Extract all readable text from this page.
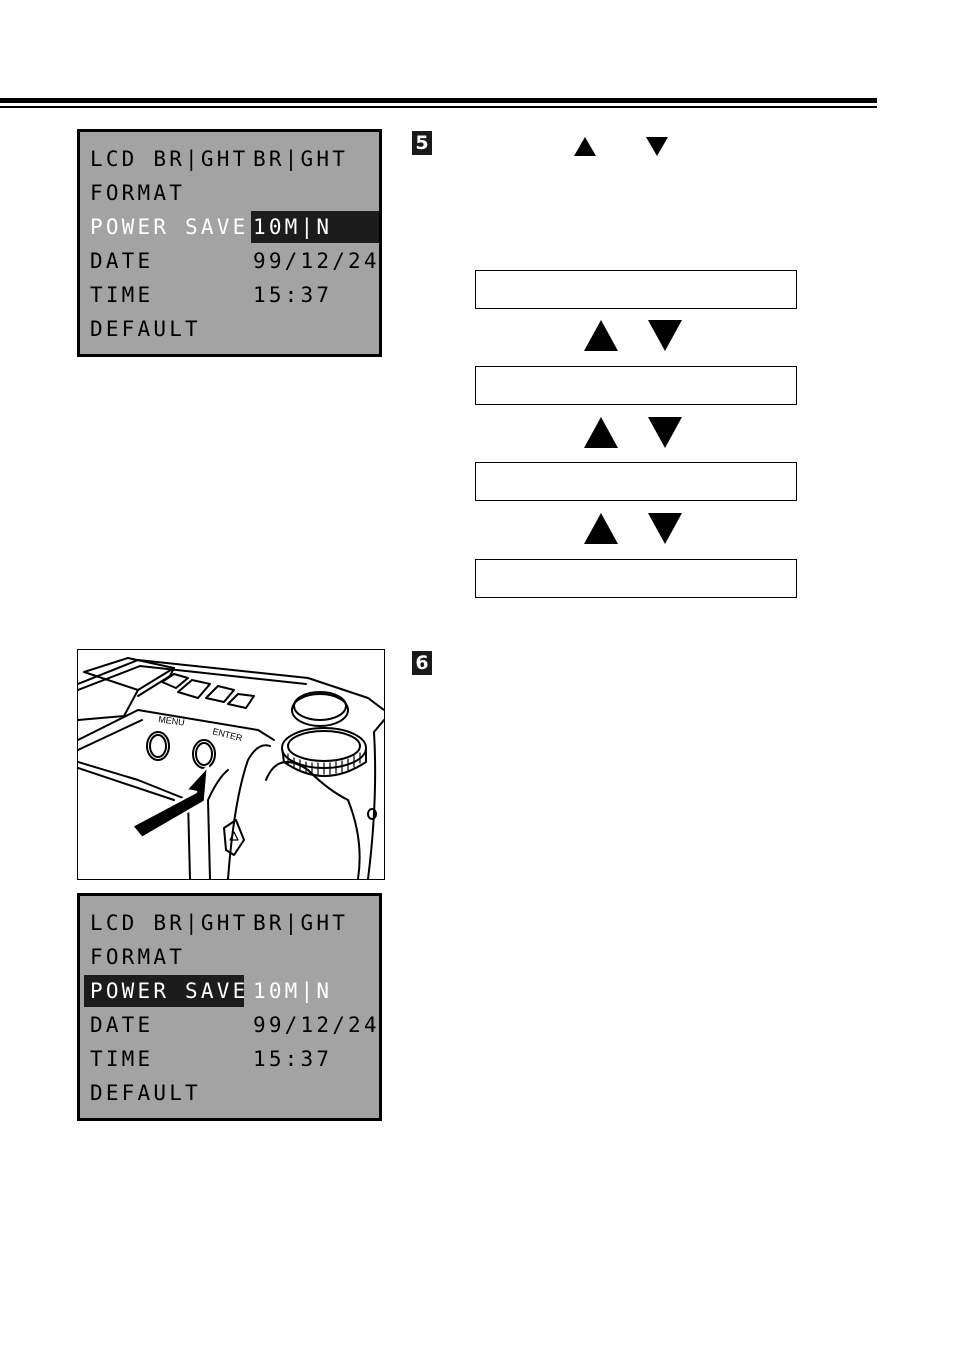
LCD BR|GHT BR|GHT
FORMAT
POWER SAVE 10M|N
DATE	99/12/24
TIME	15:37
DEFAULT
5
6
MENU
ENTER
LCD BR|GHT BR|GHT
FORMAT
POWER SAVE 10M|N
DATE	99/12/24
TIME	15:37
DEFAULT
